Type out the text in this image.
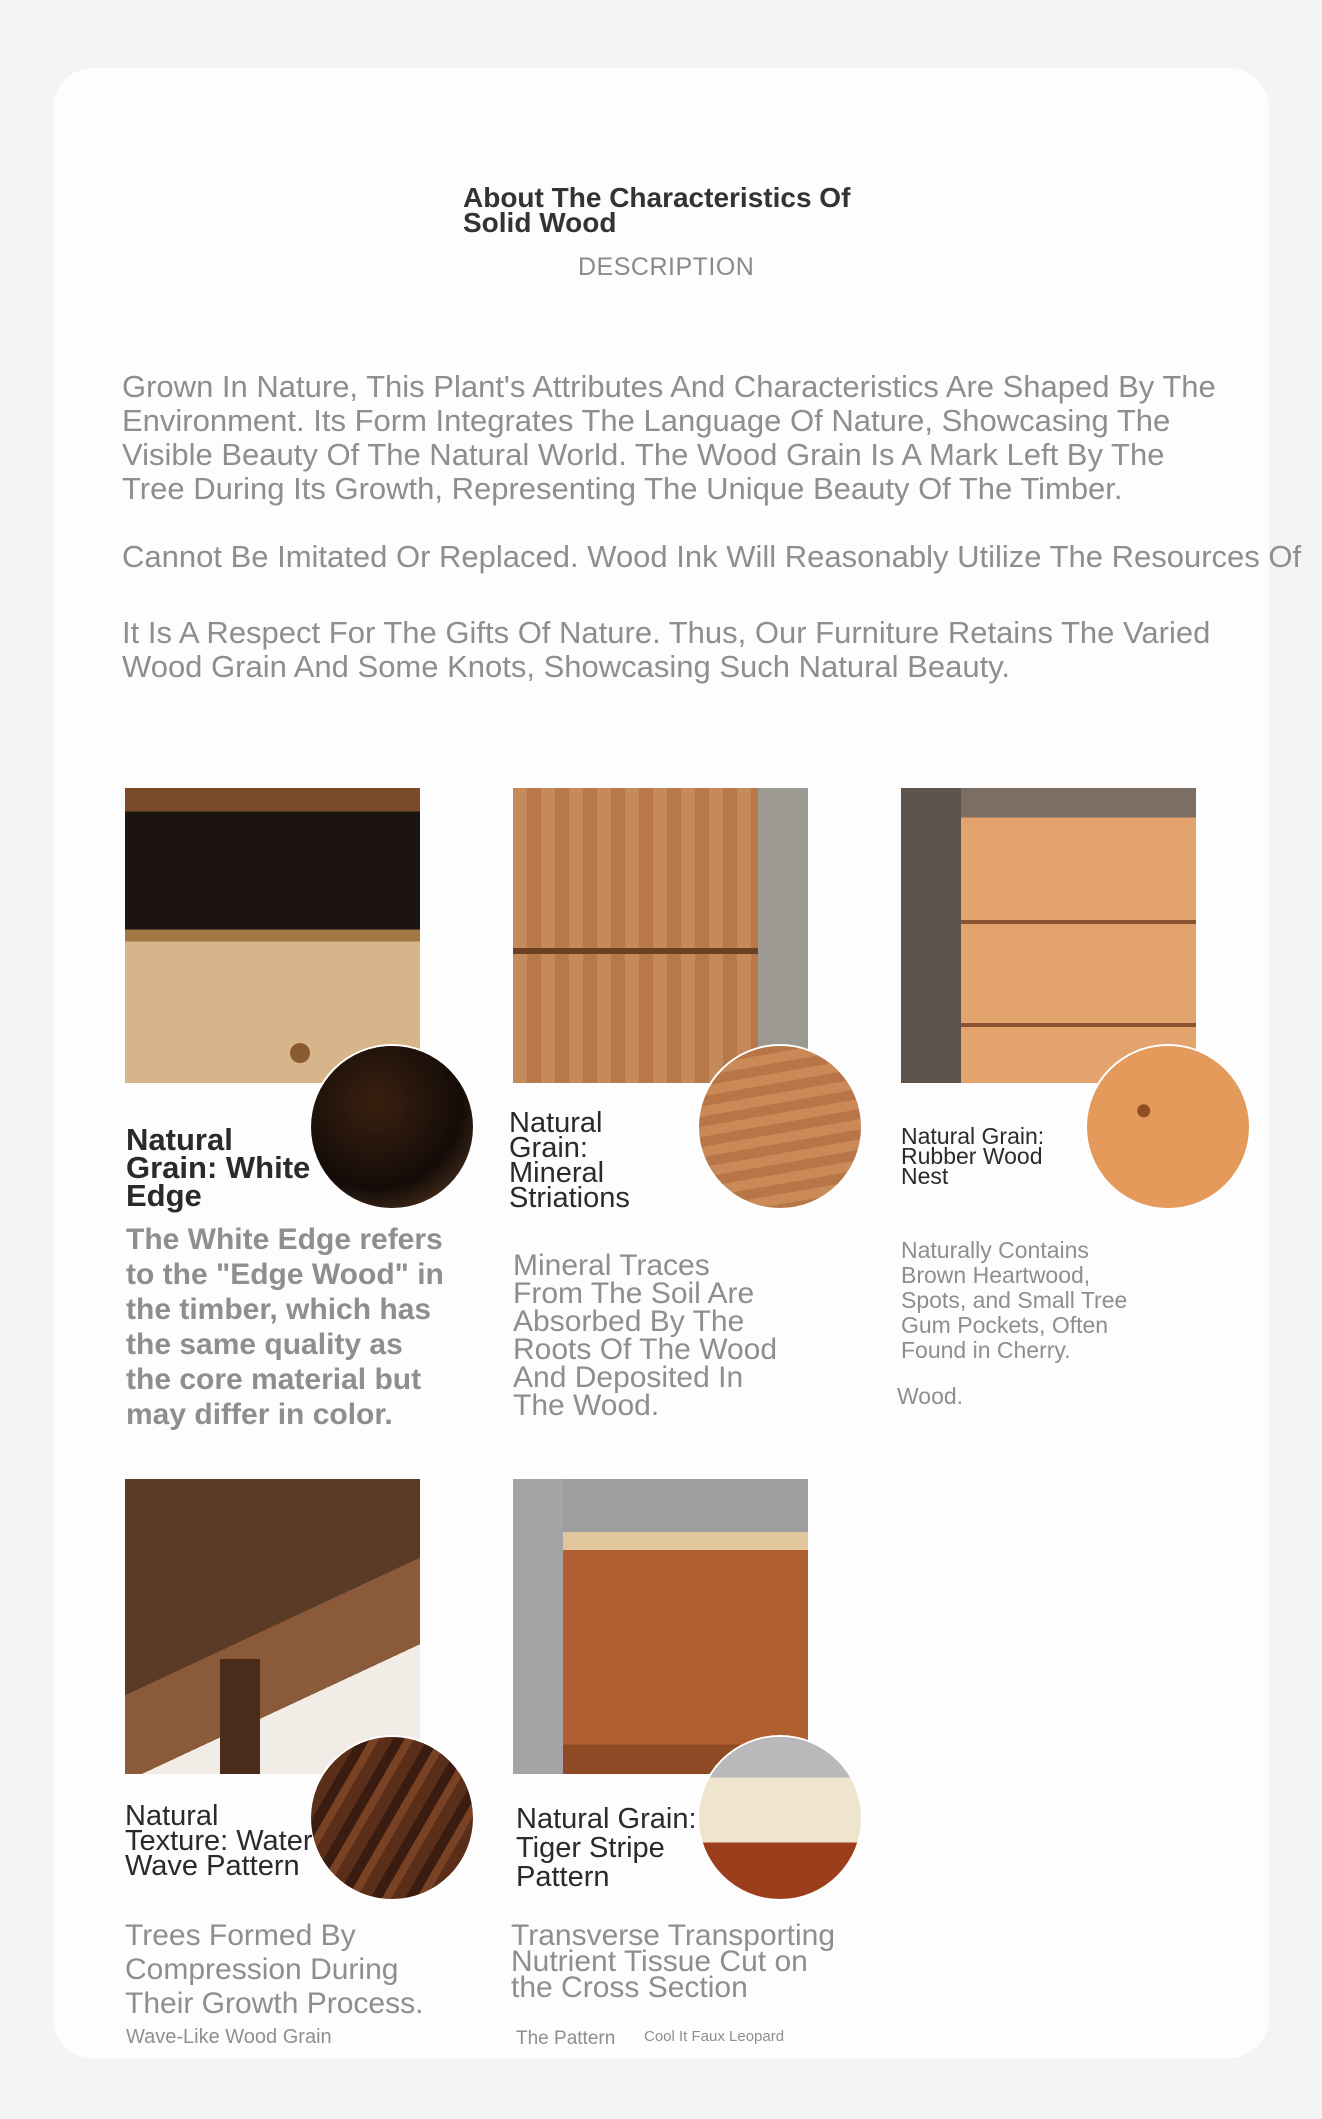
About The Characteristics Of Solid Wood
DESCRIPTION
Grown In Nature, This Plant's Attributes And Characteristics Are Shaped By The Environment. Its Form Integrates The Language Of Nature, Showcasing The Visible Beauty Of The Natural World. The Wood Grain Is A Mark Left By The Tree During Its Growth, Representing The Unique Beauty Of The Timber.
Cannot Be Imitated Or Replaced. Wood Ink Will Reasonably Utilize The Resources Of
It Is A Respect For The Gifts Of Nature. Thus, Our Furniture Retains The Varied Wood Grain And Some Knots, Showcasing Such Natural Beauty.
Natural Grain: White Edge
The White Edge refers to the "Edge Wood" in the timber, which has the same quality as the core material but may differ in color.
Natural Grain: Mineral Striations
Mineral Traces From The Soil Are Absorbed By The Roots Of The Wood And Deposited In The Wood.
Natural Grain: Rubber Wood Nest
Naturally Contains Brown Heartwood, Spots, and Small Tree Gum Pockets, Often Found in Cherry.
Wood.
Natural Texture: Water Wave Pattern
Trees Formed By Compression During Their Growth Process.
Wave-Like Wood Grain
Natural Grain: Tiger Stripe Pattern
Transverse Transporting Nutrient Tissue Cut on the Cross Section
The Pattern Cool It Faux Leopard
